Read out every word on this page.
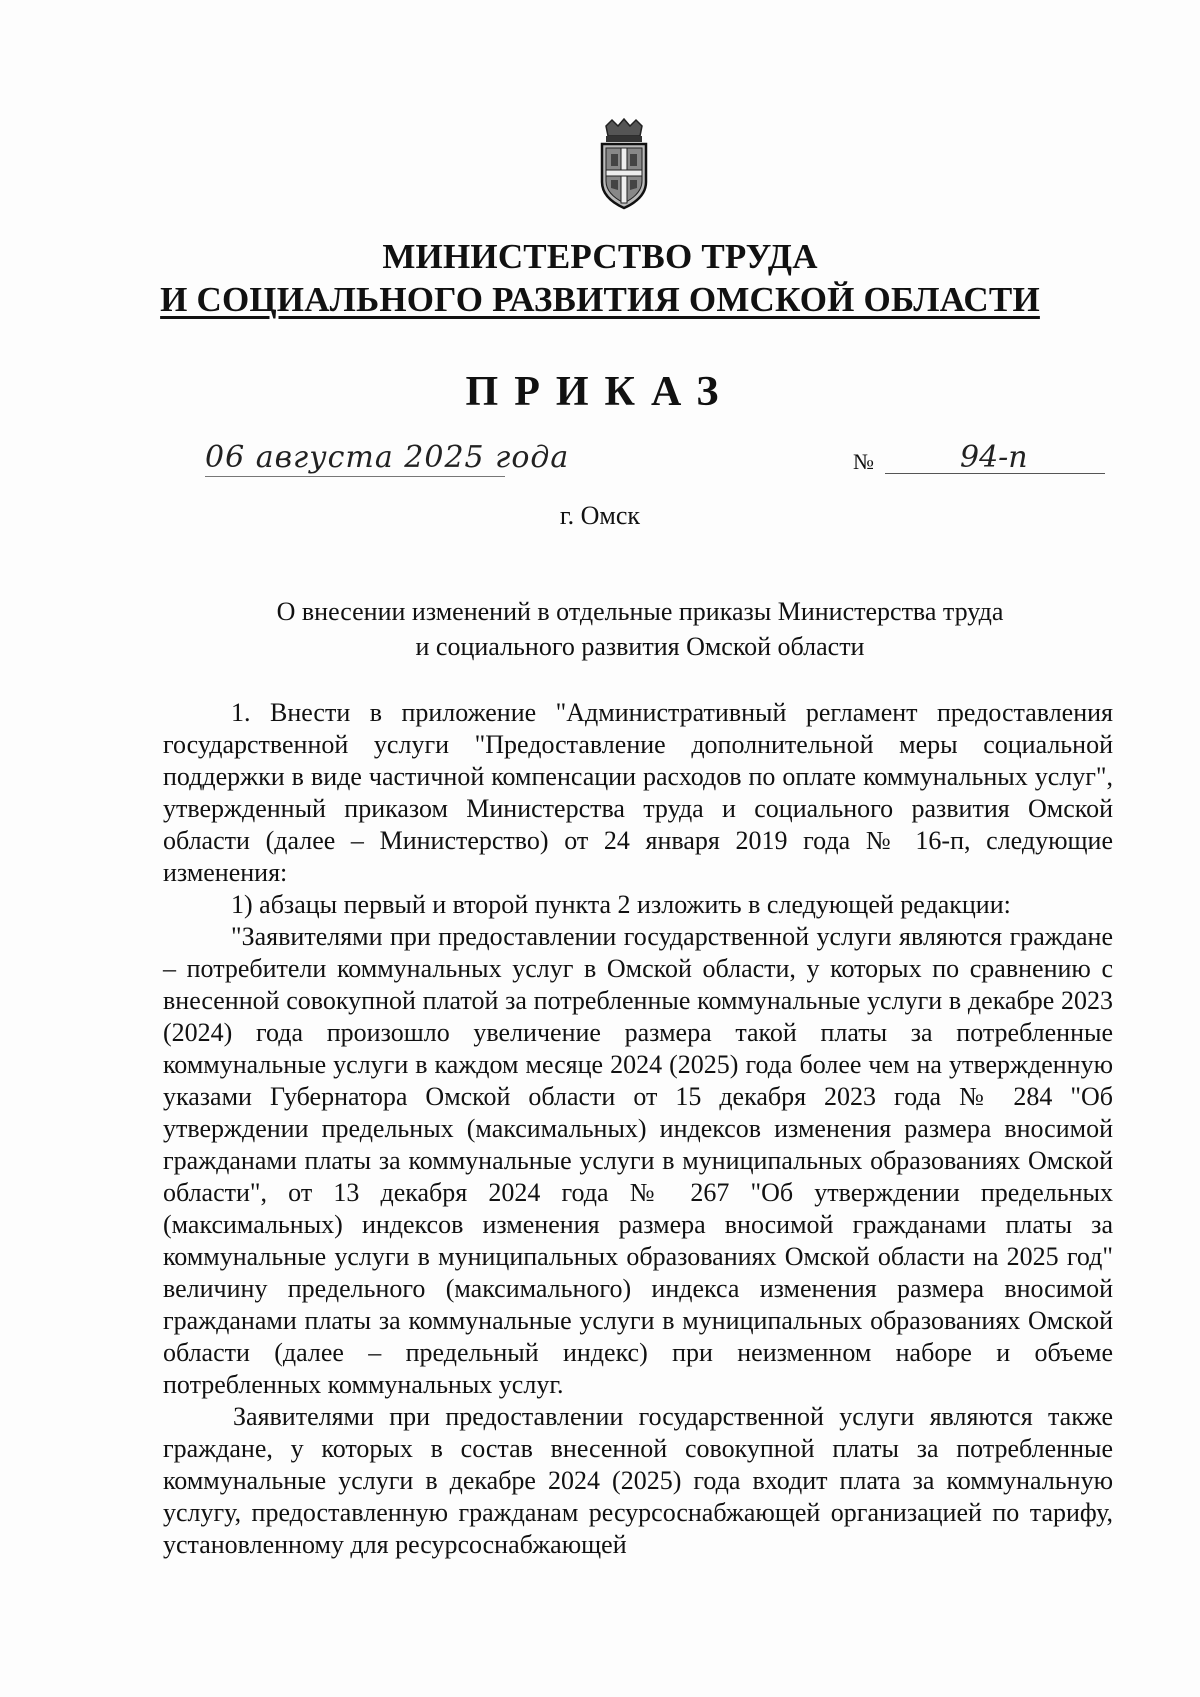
МИНИСТЕРСТВО ТРУДА
И СОЦИАЛЬНОГО РАЗВИТИЯ ОМСКОЙ ОБЛАСТИ
ПРИКАЗ
06 августа 2025 года	№	94-п
г. Омск
О внесении изменений в отдельные приказы Министерства труда
и социального развития Омской области

1. Внести в приложение "Административный регламент предоставления государственной услуги "Предоставление дополнительной меры социальной поддержки в виде частичной компенсации расходов по оплате коммунальных услуг", утвержденный приказом Министерства труда и социального развития Омской области (далее – Министерство) от 24 января 2019 года № 16-п, следующие изменения:

1) абзацы первый и второй пункта 2 изложить в следующей редакции:

"Заявителями при предоставлении государственной услуги являются граждане – потребители коммунальных услуг в Омской области, у которых по сравнению с внесенной совокупной платой за потребленные коммунальные услуги в декабре 2023 (2024) года произошло увеличение размера такой платы за потребленные коммунальные услуги в каждом месяце 2024 (2025) года более чем на утвержденную указами Губернатора Омской области от 15 декабря 2023 года № 284 "Об утверждении предельных (максимальных) индексов изменения размера вносимой гражданами платы за коммунальные услуги в муниципальных образованиях Омской области", от 13 декабря 2024 года № 267 "Об утверждении предельных (максимальных) индексов изменения размера вносимой гражданами платы за коммунальные услуги в муниципальных образованиях Омской области на 2025 год" величину предельного (максимального) индекса изменения размера вносимой гражданами платы за коммунальные услуги в муниципальных образованиях Омской области (далее – предельный индекс) при неизменном наборе и объеме потребленных коммунальных услуг.

Заявителями при предоставлении государственной услуги являются также граждане, у которых в состав внесенной совокупной платы за потребленные коммунальные услуги в декабре 2024 (2025) года входит плата за коммунальную услугу, предоставленную гражданам ресурсоснабжающей организацией по тарифу, установленному для ресурсоснабжающей
